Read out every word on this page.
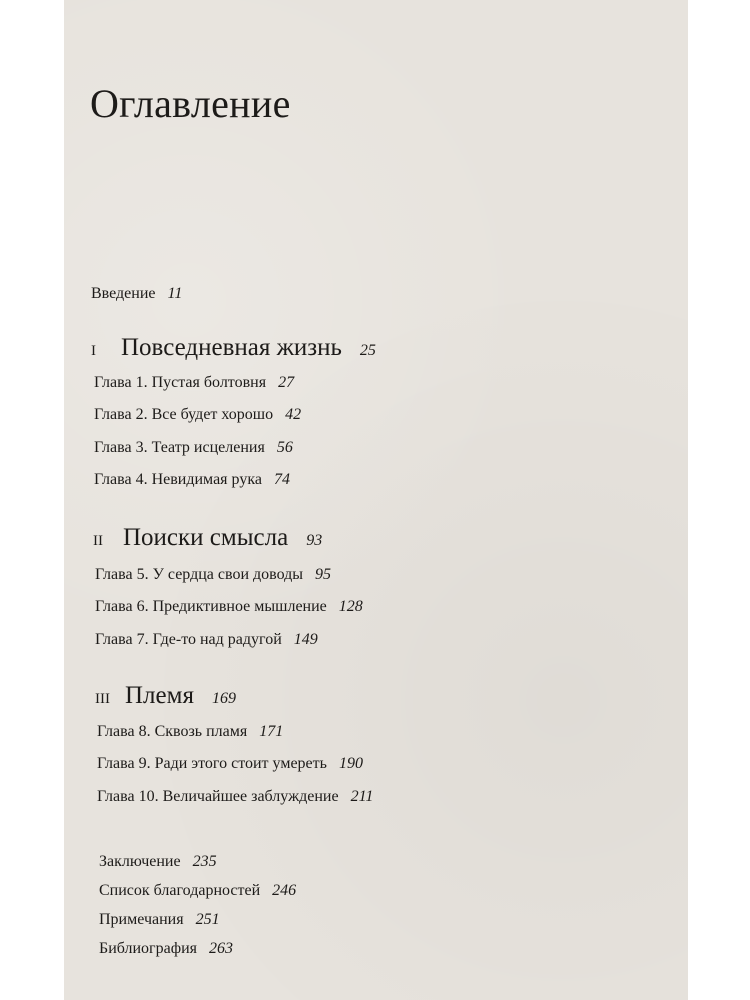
Оглавление
Введение 11
I Повседневная жизнь 25
Глава 1. Пустая болтовня 27
Глава 2. Все будет хорошо 42
Глава 3. Театр исцеления 56
Глава 4. Невидимая рука 74
II Поиски смысла 93
Глава 5. У сердца свои доводы 95
Глава 6. Предиктивное мышление 128
Глава 7. Где-то над радугой 149
III Племя 169
Глава 8. Сквозь пламя 171
Глава 9. Ради этого стоит умереть 190
Глава 10. Величайшее заблуждение 211
Заключение 235
Список благодарностей 246
Примечания 251
Библиография 263
